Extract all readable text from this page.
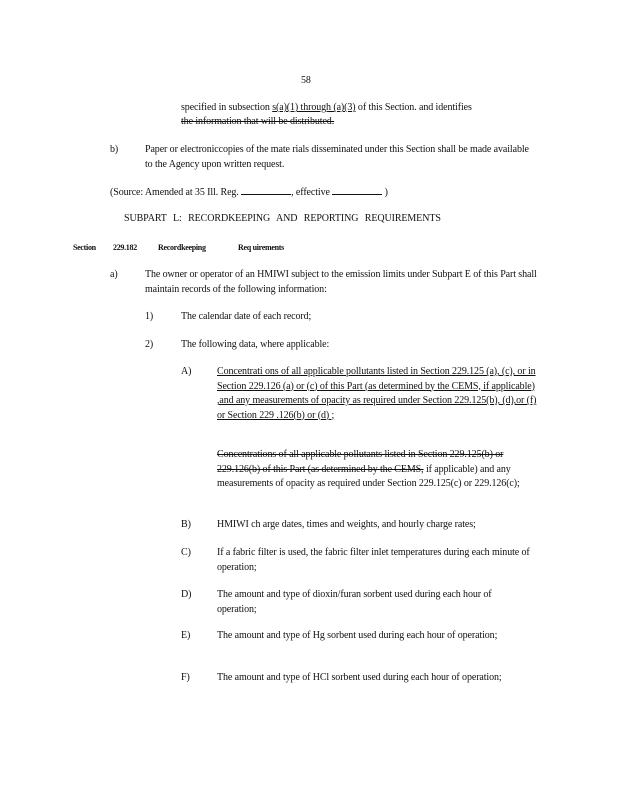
58
specified in subsection s(a)(1) through (a)(3) of this Section. and identifies
the information that will be distributed.
b)	Paper or electroniccopies of the mate rials disseminated under this Section shall be made available to the Agency upon written request.
(Source: Amended at 35 Ill. Reg.	, effective	)
SUBPART L: RECORDKEEPING AND REPORTING REQUIREMENTS
Section 229.182	Recordkeeping	Req uirements
a)	The owner or operator of an HMIWI subject to the emission limits under Subpart E of this Part shall maintain records of the following information:
1)	The calendar date of each record;
2)	The following data, where applicable:
A)	Concentrati ons of all applicable pollutants listed in Section 229.125 (a), (c), or in Section 229.126 (a) or (c) of this Part (as determined by the CEMS, if applicable) ,and any measurements of opacity as required under Section 229.125(b), (d),or (f) or Section 229 .126(b) or (d) ;
Concentrations of all applicable pollutants listed in Section 229.125(b) or 229.126(b) of this Part (as determined by the CEMS, if applicable) and any measurements of opacity as required under Section 229.125(c) or 229.126(c);
B)	HMIWI ch arge dates, times and weights, and hourly charge rates;
C)	If a fabric filter is used, the fabric filter inlet temperatures during each minute of operation;
D)	The amount and type of dioxin/furan sorbent used during each hour of operation;
E)	The amount and type of Hg sorbent used during each hour of operation;
F)	The amount and type of HCl sorbent used during each hour of operation;
